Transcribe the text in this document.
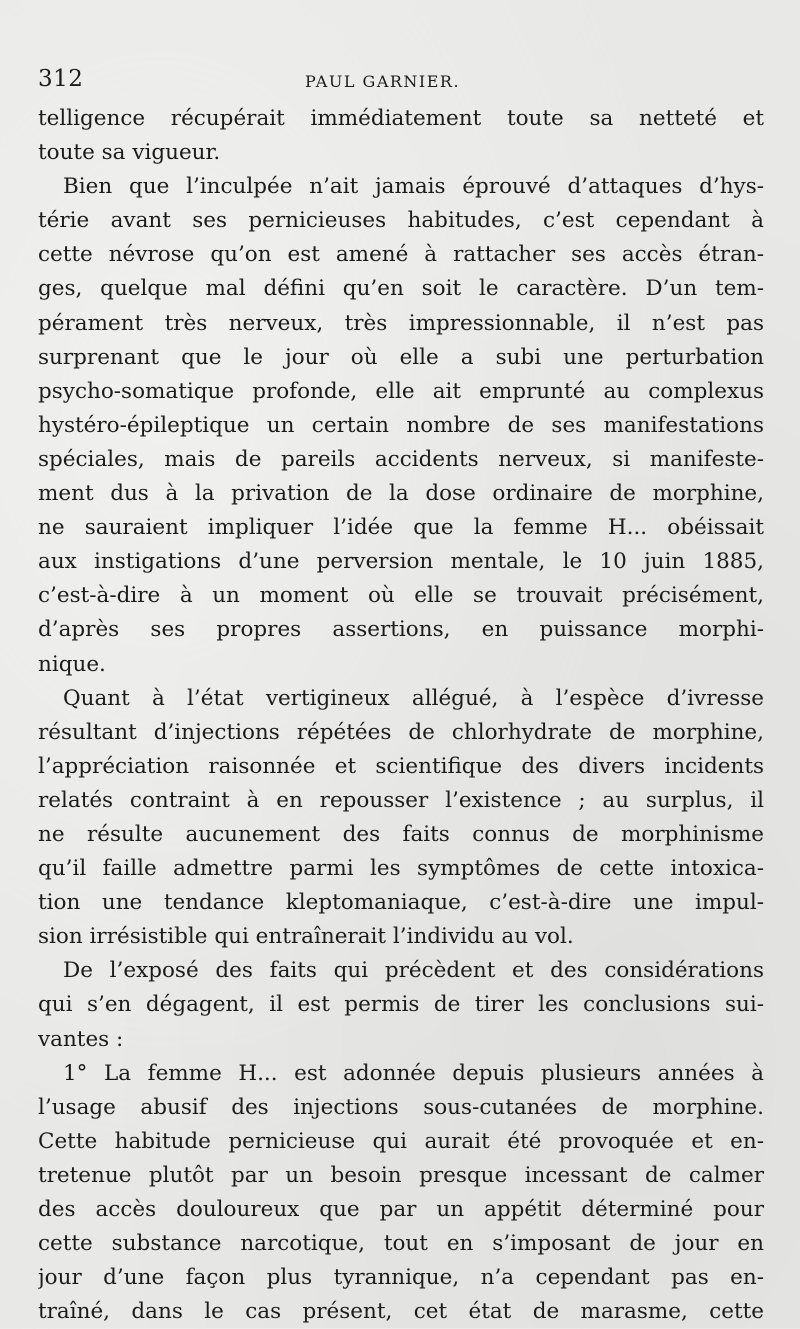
312	PAUL GARNIER.
telligence récupérait immédiatement toute sa netteté et
toute sa vigueur.
Bien que l’inculpée n’ait jamais éprouvé d’attaques d’hys-
térie avant ses pernicieuses habitudes, c’est cependant à
cette névrose qu’on est amené à rattacher ses accès étran-
ges, quelque mal défini qu’en soit le caractère. D’un tem-
pérament très nerveux, très impressionnable, il n’est pas
surprenant que le jour où elle a subi une perturbation
psycho-somatique profonde, elle ait emprunté au complexus
hystéro-épileptique un certain nombre de ses manifestations
spéciales, mais de pareils accidents nerveux, si manifeste-
ment dus à la privation de la dose ordinaire de morphine,
ne sauraient impliquer l’idée que la femme H... obéissait
aux instigations d’une perversion mentale, le 10 juin 1885,
c’est-à-dire à un moment où elle se trouvait précisément,
d’après ses propres assertions, en puissance morphi-
nique.
Quant à l’état vertigineux allégué, à l’espèce d’ivresse
résultant d’injections répétées de chlorhydrate de morphine,
l’appréciation raisonnée et scientifique des divers incidents
relatés contraint à en repousser l’existence ; au surplus, il
ne résulte aucunement des faits connus de morphinisme
qu’il faille admettre parmi les symptômes de cette intoxica-
tion une tendance kleptomaniaque, c’est-à-dire une impul-
sion irrésistible qui entraînerait l’individu au vol.
De l’exposé des faits qui précèdent et des considérations
qui s’en dégagent, il est permis de tirer les conclusions sui-
vantes :
1° La femme H... est adonnée depuis plusieurs années à
l’usage abusif des injections sous-cutanées de morphine.
Cette habitude pernicieuse qui aurait été provoquée et en-
tretenue plutôt par un besoin presque incessant de calmer
des accès douloureux que par un appétit déterminé pour
cette substance narcotique, tout en s’imposant de jour en
jour d’une façon plus tyrannique, n’a cependant pas en-
traîné, dans le cas présent, cet état de marasme, cette
